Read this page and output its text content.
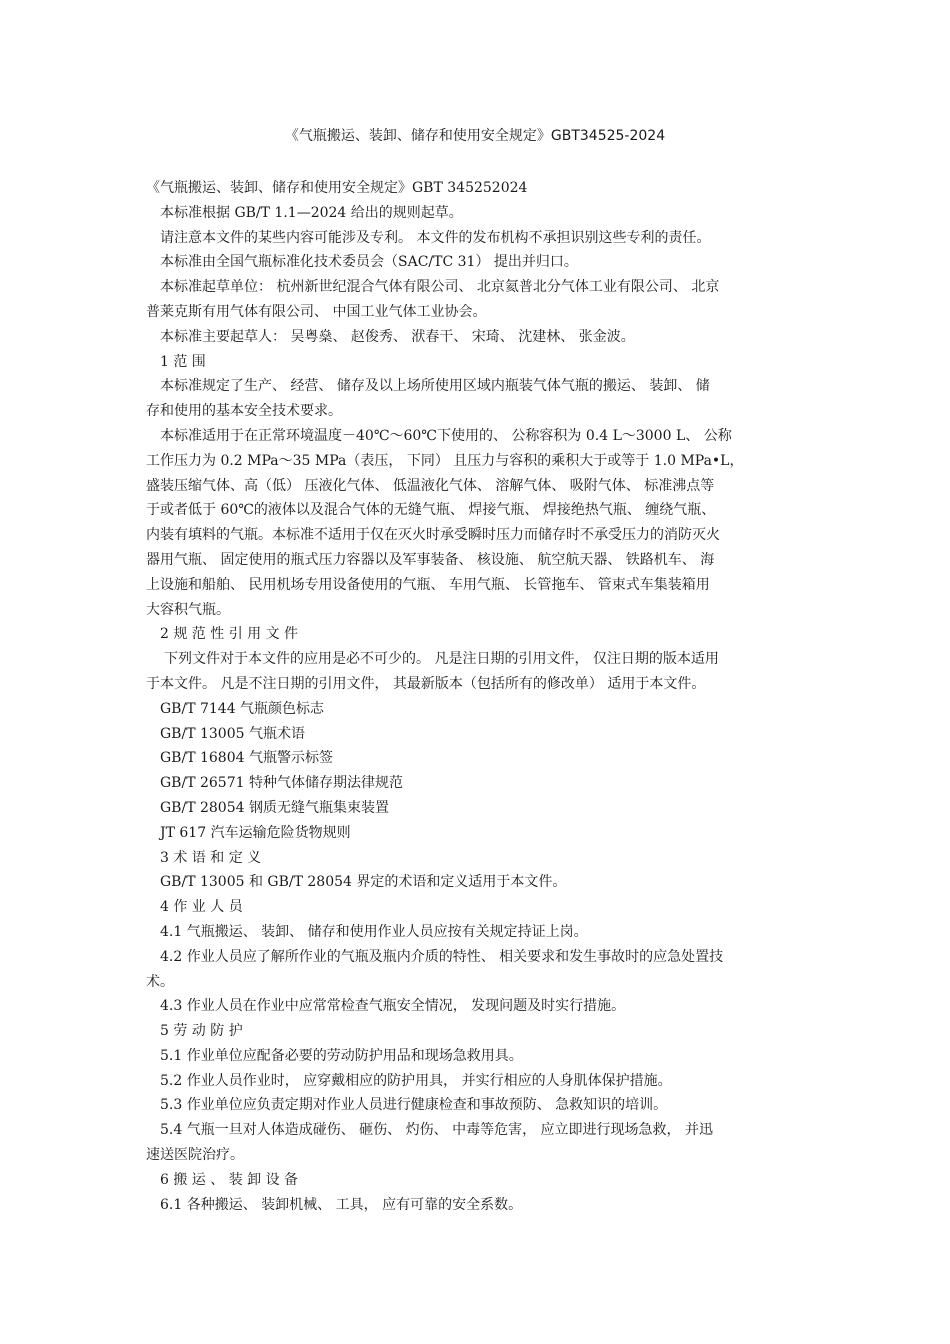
《气瓶搬运、装卸、储存和使用安全规定》GBT34525-2024

《气瓶搬运、装卸、储存和使用安全规定》GBT 345252024

本标准根据 GB/T 1.1—2024 给出的规则起草。

请注意本文件的某些内容可能涉及专利。 本文件的发布机构不承担识别这些专利的责任。

本标准由全国气瓶标准化技术委员会（SAC/TC 31） 提出并归口。

本标准起草单位： 杭州新世纪混合气体有限公司、 北京氦普北分气体工业有限公司、 北京
普莱克斯有用气体有限公司、 中国工业气体工业协会。

本标准主要起草人： 吴粤燊、 赵俊秀、 洑春干、 宋琦、 沈建林、 张金波。

1 范 围

本标准规定了生产、 经营、 储存及以上场所使用区域内瓶装气体气瓶的搬运、 装卸、 储
存和使用的基本安全技术要求。

本标准适用于在正常环境温度－40℃～60℃下使用的、 公称容积为 0.4 L～3000 L、 公称
工作压力为 0.2 MPa～35 MPa（表压， 下同） 且压力与容积的乘积大于或等于 1.0 MPa•L，
盛装压缩气体、高（低） 压液化气体、 低温液化气体、 溶解气体、 吸附气体、 标准沸点等
于或者低于 60℃的液体以及混合气体的无缝气瓶、 焊接气瓶、 焊接绝热气瓶、 缠绕气瓶、
内装有填料的气瓶。本标准不适用于仅在灭火时承受瞬时压力而储存时不承受压力的消防灭火
器用气瓶、 固定使用的瓶式压力容器以及军事装备、 核设施、 航空航天器、 铁路机车、 海
上设施和船舶、 民用机场专用设备使用的气瓶、 车用气瓶、 长管拖车、 管束式车集装箱用
大容积气瓶。

2 规 范 性 引 用 文 件

下列文件对于本文件的应用是必不可少的。 凡是注日期的引用文件， 仅注日期的版本适用
于本文件。 凡是不注日期的引用文件， 其最新版本（包括所有的修改单） 适用于本文件。

GB/T 7144 气瓶颜色标志

GB/T 13005 气瓶术语

GB/T 16804 气瓶警示标签

GB/T 26571 特种气体储存期法律规范

GB/T 28054 钢质无缝气瓶集束装置

JT 617 汽车运输危险货物规则

3 术 语 和 定 义

GB/T 13005 和 GB/T 28054 界定的术语和定义适用于本文件。

4 作 业 人 员

4.1 气瓶搬运、 装卸、 储存和使用作业人员应按有关规定持证上岗。

4.2 作业人员应了解所作业的气瓶及瓶内介质的特性、 相关要求和发生事故时的应急处置技
术。

4.3 作业人员在作业中应常常检查气瓶安全情况， 发现问题及时实行措施。

5 劳 动 防 护

5.1 作业单位应配备必要的劳动防护用品和现场急救用具。

5.2 作业人员作业时， 应穿戴相应的防护用具， 并实行相应的人身肌体保护措施。

5.3 作业单位应负责定期对作业人员进行健康检查和事故预防、 急救知识的培训。

5.4 气瓶一旦对人体造成碰伤、 砸伤、 灼伤、 中毒等危害， 应立即进行现场急救， 并迅
速送医院治疗。

6 搬 运 、 装 卸 设 备

6.1 各种搬运、 装卸机械、 工具， 应有可靠的安全系数。
